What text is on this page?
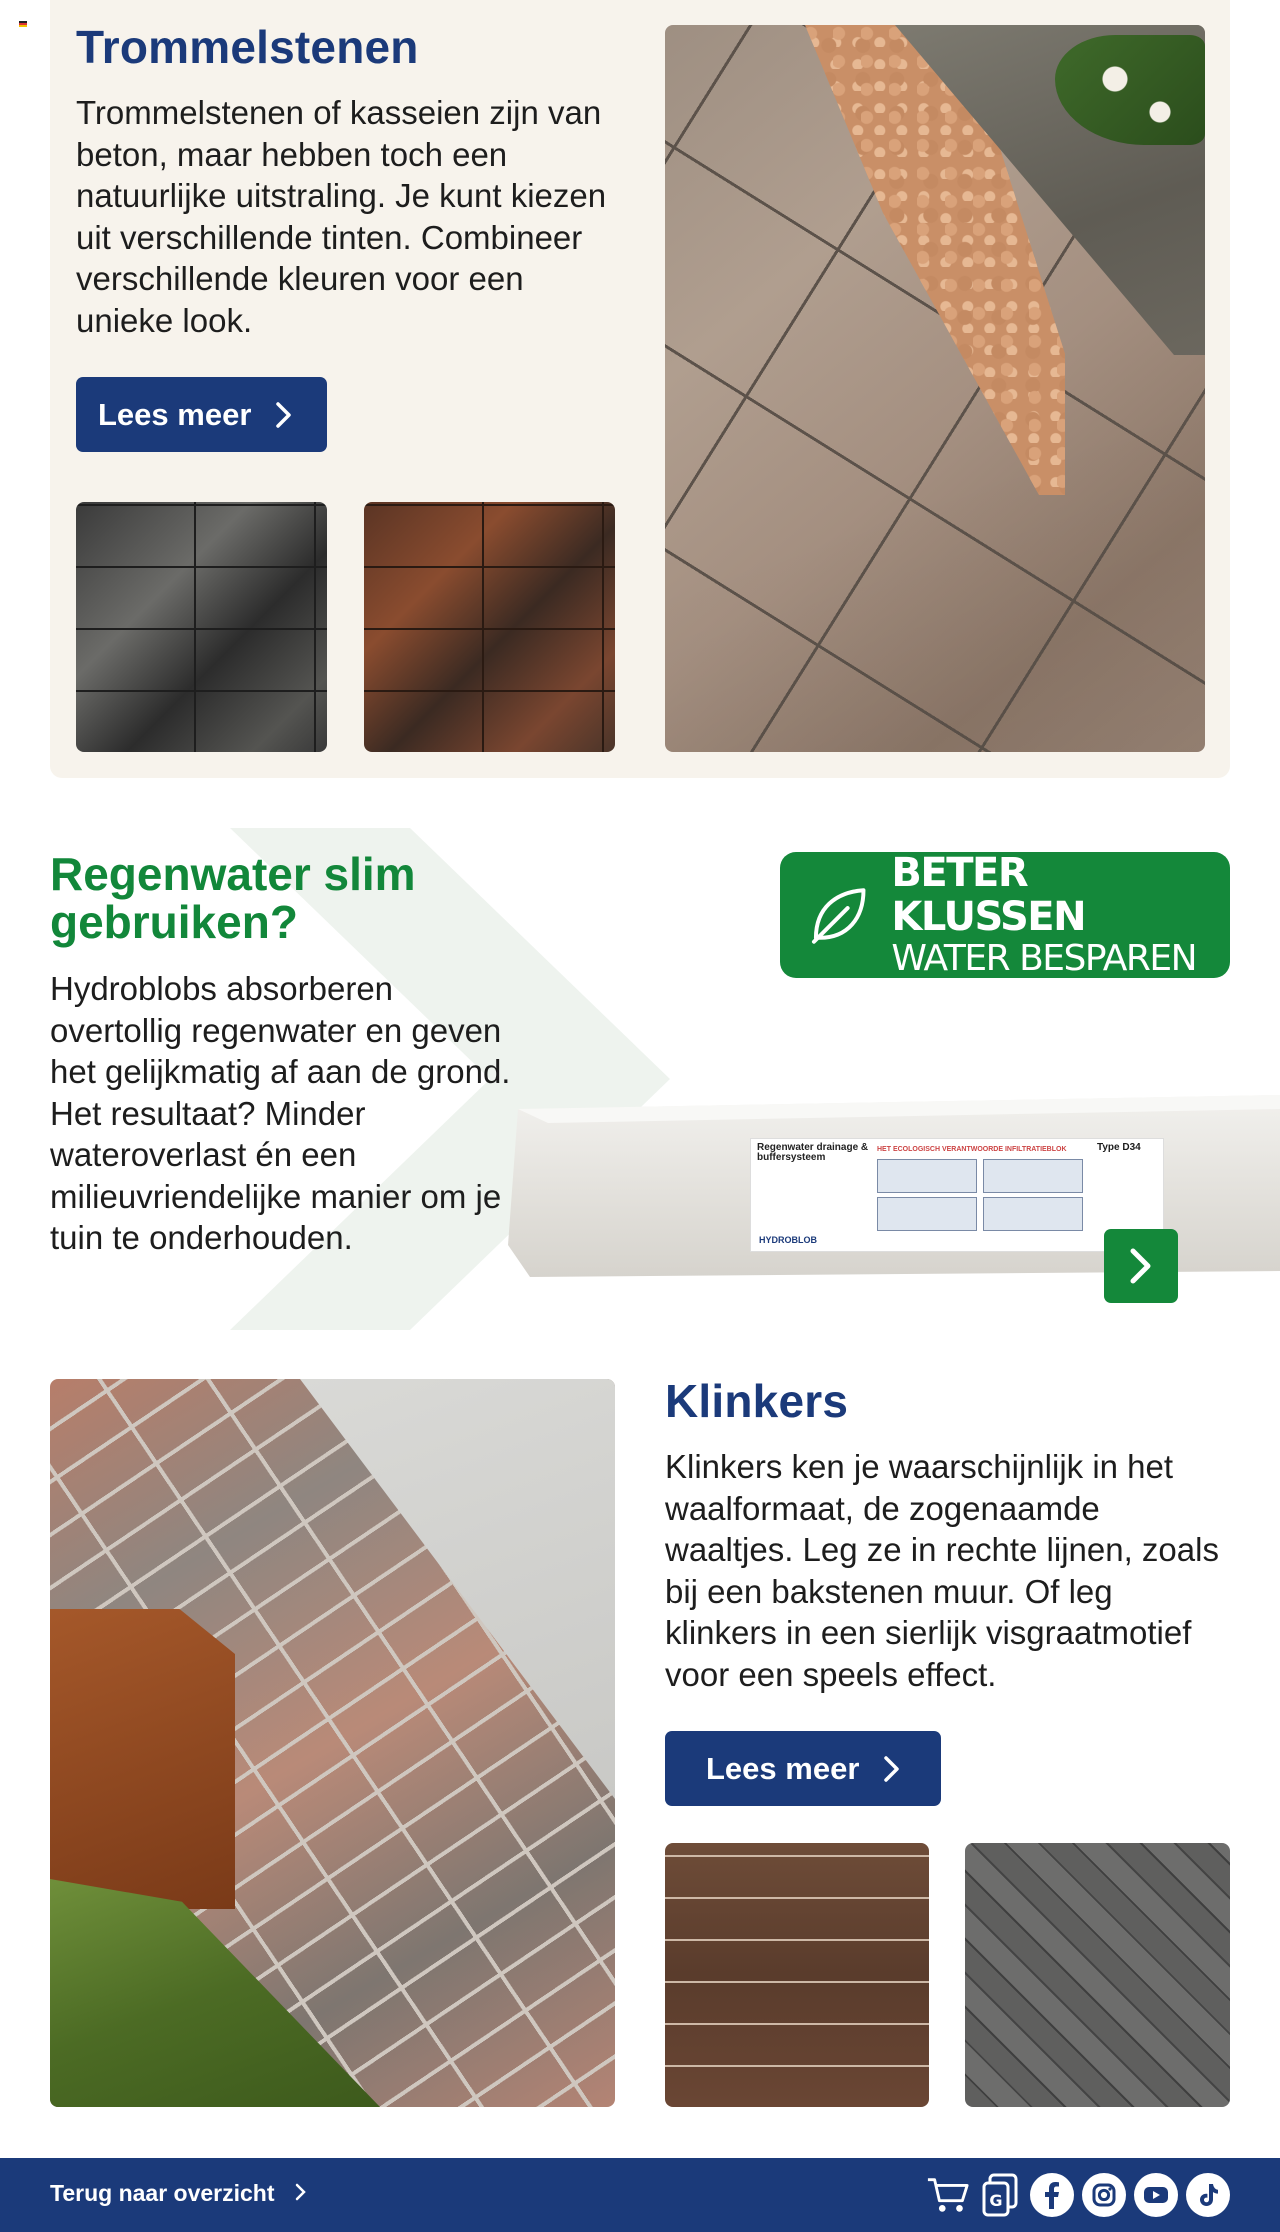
Trommelstenen

Trommelstenen of kasseien zijn van beton, maar hebben toch een natuurlijke uitstraling. Je kunt kiezen uit verschillende tinten. Combineer verschillende kleuren voor een unieke look.

Lees meer
Regenwater slim gebruiken?

Hydroblobs absorberen overtollig regenwater en geven het gelijkmatig af aan de grond. Het resultaat? Minder wateroverlast én een milieuvriendelijke manier om je tuin te onderhouden.

BETER KLUSSEN
WATER BESPAREN
Regenwater drainage & buffersysteem
HET ECOLOGISCH VERANTWOORDE INFILTRATIEBLOK	Type D34
HYDROBLOB
Klinkers

Klinkers ken je waarschijnlijk in het waalformaat, de zogenaamde waaltjes. Leg ze in rechte lijnen, zoals bij een bakstenen muur. Of leg klinkers in een sierlijk visgraatmotief voor een speels effect.

Lees meer
Terug naar overzicht	G
